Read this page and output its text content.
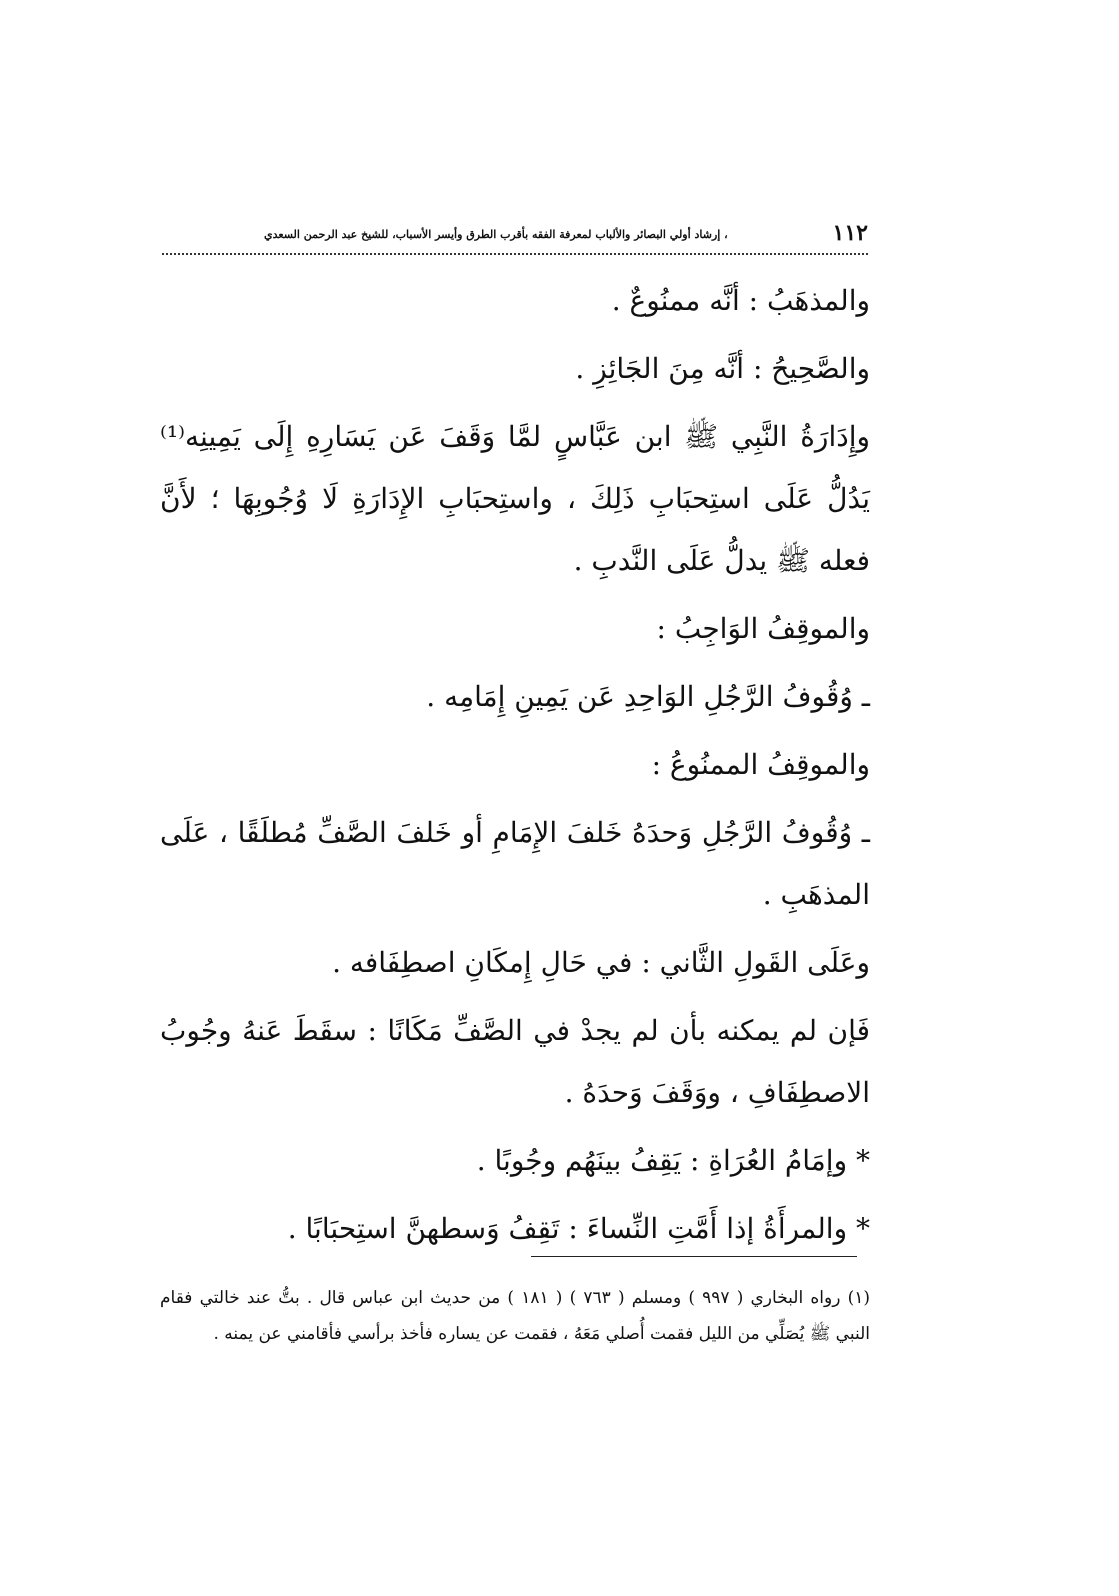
١١٢
، إرشاد أولي البصائر والألباب لمعرفة الفقه بأقرب الطرق وأيسر الأسباب، للشيخ عبد الرحمن السعدي

والمذهَبُ : أنَّه ممنُوعٌ .

والصَّحِيحُ : أنَّه مِنَ الجَائِزِ .

وإِدَارَةُ النَّبِي ﷺ ابن عَبَّاسٍ لمَّا وَقَفَ عَن يَسَارِهِ إِلَى يَمِينِه⁽¹⁾ يَدُلُّ عَلَى استِحبَابِ ذَلِكَ ، واستِحبَابِ الإِدَارَةِ لَا وُجُوبِهَا ؛ لأَنَّ فعله ﷺ يدلُّ عَلَى النَّدبِ .

والموقِفُ الوَاجِبُ :

ـ وُقُوفُ الرَّجُلِ الوَاحِدِ عَن يَمِينِ إِمَامِه .

والموقِفُ الممنُوعُ :

ـ وُقُوفُ الرَّجُلِ وَحدَهُ خَلفَ الإِمَامِ أو خَلفَ الصَّفِّ مُطلَقًا ، عَلَى المذهَبِ .

وعَلَى القَولِ الثَّاني : في حَالِ إِمكَانِ اصطِفَافه .

فَإن لم يمكنه بأن لم يجدْ في الصَّفِّ مَكَانًا : سقَطَ عَنهُ وجُوبُ الاصطِفَافِ ، ووَقَفَ وَحدَهُ .

* وإمَامُ العُرَاةِ : يَقِفُ بينَهُم وجُوبًا .

* والمرأَةُ إذا أَمَّتِ النِّساءَ : تَقِفُ وَسطهنَّ استِحبَابًا .

(١) رواه البخاري ( ٩٩٧ ) ومسلم ( ٧٦٣ ) ( ١٨١ ) من حديث ابن عباس قال . بتُّ عند خالتي فقام النبي ﷺ يُصَلِّي من الليل فقمت أُصلي مَعَهُ ، فقمت عن يساره فأخذ برأسي فأقامني عن يمنه .
